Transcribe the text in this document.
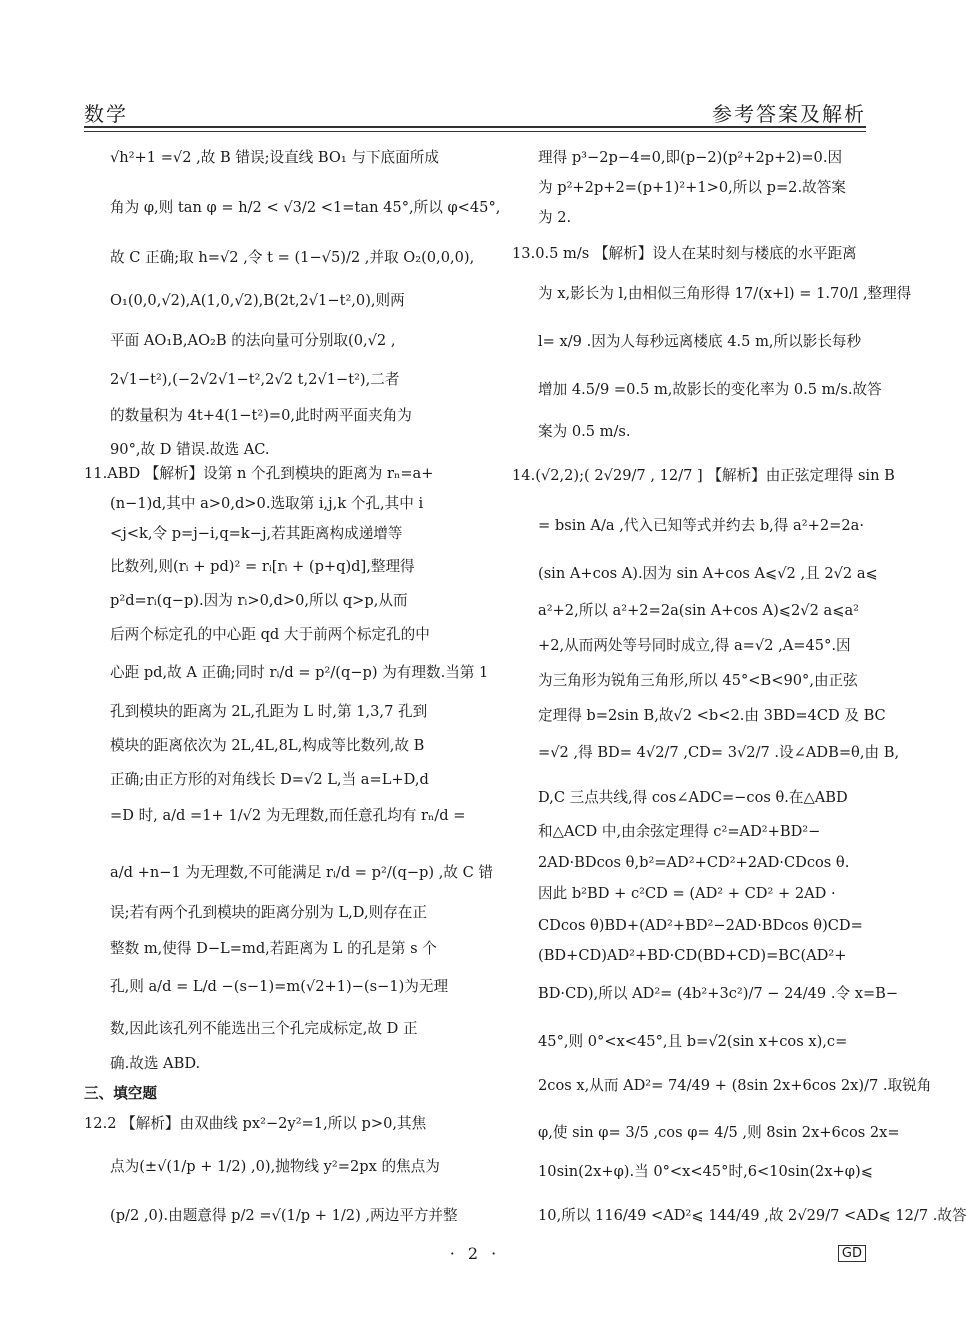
数学	参考答案及解析
√h²+1 =√2 ,故 B 错误;设直线 BO₁ 与下底面所成
角为 φ,则 tan φ = h/2 < √3/2 <1=tan 45°,所以 φ<45°,
故 C 正确;取 h=√2 ,令 t = (1−√5)/2 ,并取 O₂(0,0,0),
O₁(0,0,√2),A(1,0,√2),B(2t,2√1−t²,0),则两
平面 AO₁B,AO₂B 的法向量可分别取(0,√2 ,
2√1−t²),(−2√2√1−t²,2√2 t,2√1−t²),二者
的数量积为 4t+4(1−t²)=0,此时两平面夹角为
90°,故 D 错误.故选 AC.
11.ABD 【解析】设第 n 个孔到模块的距离为 rₙ=a+
(n−1)d,其中 a>0,d>0.选取第 i,j,k 个孔,其中 i
<j<k,令 p=j−i,q=k−j,若其距离构成递增等
比数列,则(rᵢ + pd)² = rᵢ[rᵢ + (p+q)d],整理得
p²d=rᵢ(q−p).因为 rᵢ>0,d>0,所以 q>p,从而
后两个标定孔的中心距 qd 大于前两个标定孔的中
心距 pd,故 A 正确;同时 rᵢ/d = p²/(q−p) 为有理数.当第 1
孔到模块的距离为 2L,孔距为 L 时,第 1,3,7 孔到
模块的距离依次为 2L,4L,8L,构成等比数列,故 B
正确;由正方形的对角线长 D=√2 L,当 a=L+D,d
=D 时, a/d =1+ 1/√2 为无理数,而任意孔均有 rₙ/d =
a/d +n−1 为无理数,不可能满足 rᵢ/d = p²/(q−p) ,故 C 错
误;若有两个孔到模块的距离分别为 L,D,则存在正
整数 m,使得 D−L=md,若距离为 L 的孔是第 s 个
孔,则 a/d = L/d −(s−1)=m(√2+1)−(s−1)为无理
数,因此该孔列不能选出三个孔完成标定,故 D 正
确.故选 ABD.
三、填空题
12.2 【解析】由双曲线 px²−2y²=1,所以 p>0,其焦
点为(±√(1/p + 1/2) ,0),抛物线 y²=2px 的焦点为
(p/2 ,0).由题意得 p/2 =√(1/p + 1/2) ,两边平方并整
理得 p³−2p−4=0,即(p−2)(p²+2p+2)=0.因
为 p²+2p+2=(p+1)²+1>0,所以 p=2.故答案
为 2.
13.0.5 m/s 【解析】设人在某时刻与楼底的水平距离
为 x,影长为 l,由相似三角形得 17/(x+l) = 1.70/l ,整理得
l= x/9 .因为人每秒远离楼底 4.5 m,所以影长每秒
增加 4.5/9 =0.5 m,故影长的变化率为 0.5 m/s.故答
案为 0.5 m/s.
14.(√2,2);( 2√29/7 , 12/7 ] 【解析】由正弦定理得 sin B
= bsin A/a ,代入已知等式并约去 b,得 a²+2=2a·
(sin A+cos A).因为 sin A+cos A⩽√2 ,且 2√2 a⩽
a²+2,所以 a²+2=2a(sin A+cos A)⩽2√2 a⩽a²
+2,从而两处等号同时成立,得 a=√2 ,A=45°.因
为三角形为锐角三角形,所以 45°<B<90°,由正弦
定理得 b=2sin B,故√2 <b<2.由 3BD=4CD 及 BC
=√2 ,得 BD= 4√2/7 ,CD= 3√2/7 .设∠ADB=θ,由 B,
D,C 三点共线,得 cos∠ADC=−cos θ.在△ABD
和△ACD 中,由余弦定理得 c²=AD²+BD²−
2AD·BDcos θ,b²=AD²+CD²+2AD·CDcos θ.
因此 b²BD + c²CD = (AD² + CD² + 2AD ·
CDcos θ)BD+(AD²+BD²−2AD·BDcos θ)CD=
(BD+CD)AD²+BD·CD(BD+CD)=BC(AD²+
BD·CD),所以 AD²= (4b²+3c²)/7 − 24/49 .令 x=B−
45°,则 0°<x<45°,且 b=√2(sin x+cos x),c=
2cos x,从而 AD²= 74/49 + (8sin 2x+6cos 2x)/7 .取锐角
φ,使 sin φ= 3/5 ,cos φ= 4/5 ,则 8sin 2x+6cos 2x=
10sin(2x+φ).当 0°<x<45°时,6<10sin(2x+φ)⩽
10,所以 116/49 <AD²⩽ 144/49 ,故 2√29/7 <AD⩽ 12/7 .故答
· 2 ·	GD
